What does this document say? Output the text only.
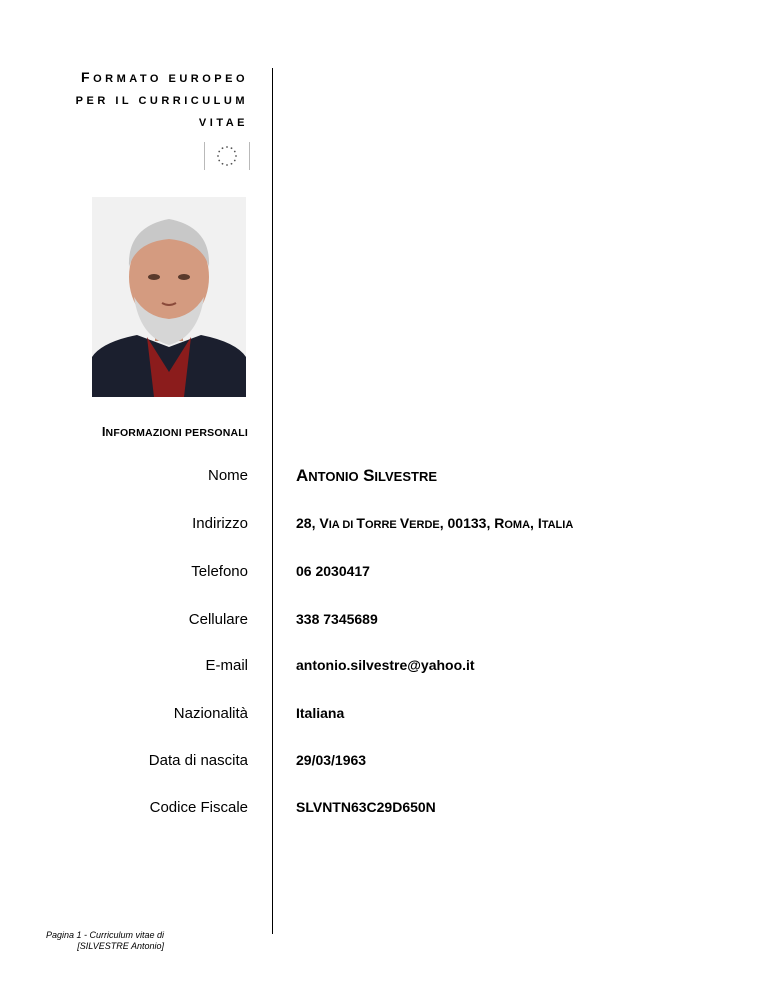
FORMATO EUROPEO
PER IL CURRICULUM
VITAE
INFORMAZIONI PERSONALI
Nome	ANTONIO SILVESTRE
Indirizzo	28, VIA DI TORRE VERDE, 00133, ROMA, ITALIA
Telefono	06 2030417
Cellulare	338 7345689
E-mail	antonio.silvestre@yahoo.it
Nazionalità	Italiana
Data di nascita	29/03/1963
Codice Fiscale	SLVNTN63C29D650N
Pagina 1 - Curriculum vitae di
[SILVESTRE Antonio]
